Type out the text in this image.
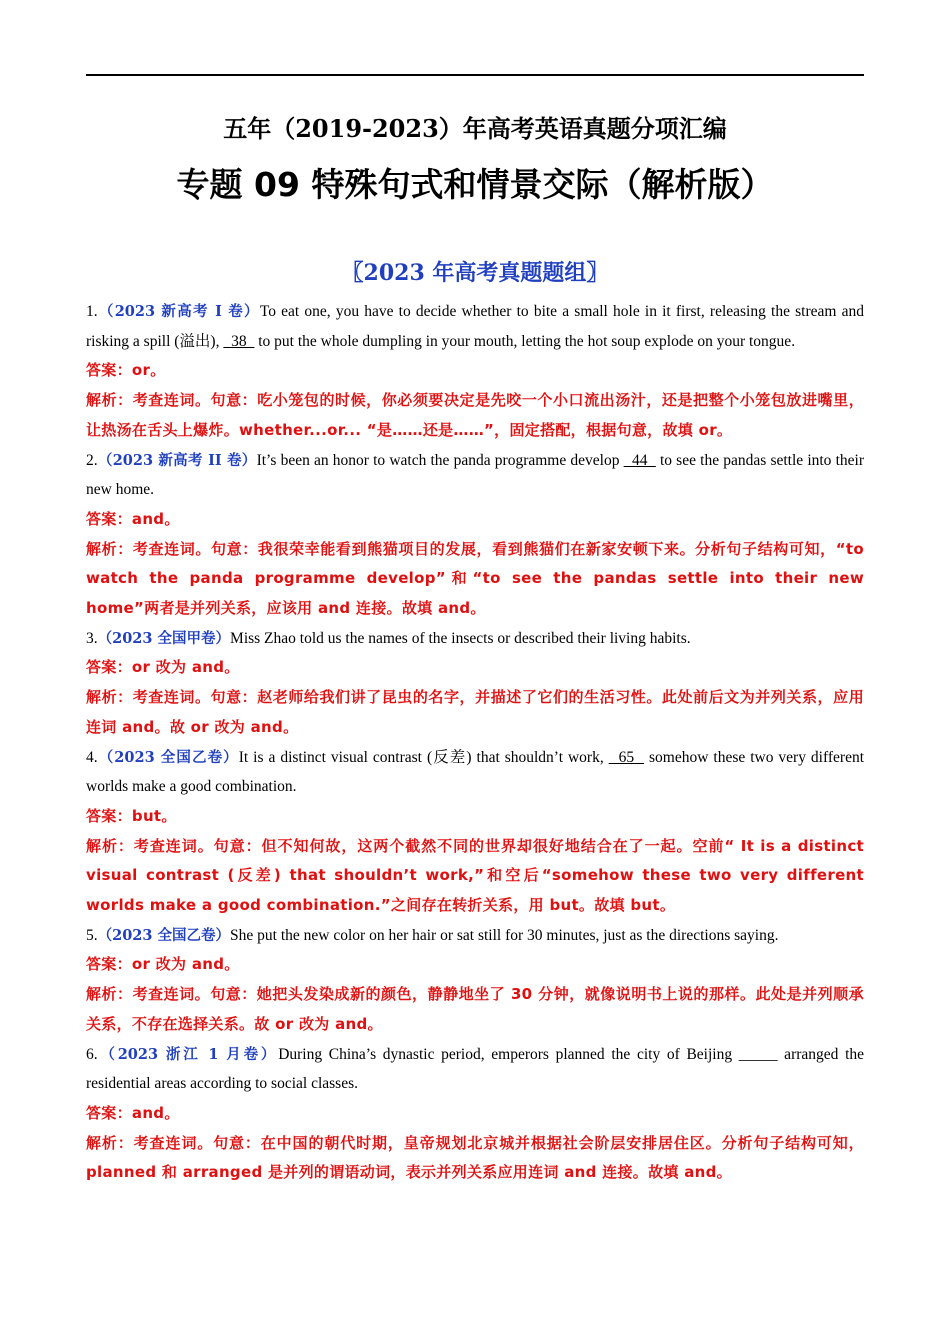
五年（2019-2023）年高考英语真题分项汇编
专题 09 特殊句式和情景交际（解析版）
〖2023 年高考真题题组〗

1.（2023 新高考 I 卷）To eat one, you have to decide whether to bite a small hole in it first, releasing the stream and risking a spill (溢出),   38   to put the whole dumpling in your mouth, letting the hot soup explode on your tongue.

答案：or。

解析：考查连词。句意：吃小笼包的时候，你必须要决定是先咬一个小口流出汤汁，还是把整个小笼包放进嘴里，让热汤在舌头上爆炸。whether...or... “是……还是……”，固定搭配，根据句意，故填 or。

2.（2023 新高考 II 卷）It’s been an honor to watch the panda programme develop   44   to see the pandas settle into their new home.

答案：and。

解析：考查连词。句意：我很荣幸能看到熊猫项目的发展，看到熊猫们在新家安顿下来。分析句子结构可知，“to watch the panda programme develop”和“to see the pandas settle into their new home”两者是并列关系，应该用 and 连接。故填 and。

3.（2023 全国甲卷）Miss Zhao told us the names of the insects or described their living habits.

答案：or 改为 and。

解析：考查连词。句意：赵老师给我们讲了昆虫的名字，并描述了它们的生活习性。此处前后文为并列关系，应用连词 and。故 or 改为 and。

4.（2023 全国乙卷）It is a distinct visual contrast (反差) that shouldn’t work,   65   somehow these two very different worlds make a good combination.

答案：but。

解析：考查连词。句意：但不知何故，这两个截然不同的世界却很好地结合在了一起。空前“ It is a distinct visual contrast (反差) that shouldn’t work,”和空后“somehow these two very different worlds make a good combination.”之间存在转折关系，用 but。故填 but。

5.（2023 全国乙卷）She put the new color on her hair or sat still for 30 minutes, just as the directions saying.

答案：or 改为 and。

解析：考查连词。句意：她把头发染成新的颜色，静静地坐了 30 分钟，就像说明书上说的那样。此处是并列顺承关系，不存在选择关系。故 or 改为 and。

6.（2023 浙江 1 月卷）During China’s dynastic period, emperors planned the city of Beijing _____ arranged the residential areas according to social classes.

答案：and。

解析：考查连词。句意：在中国的朝代时期，皇帝规划北京城并根据社会阶层安排居住区。分析句子结构可知，planned 和 arranged 是并列的谓语动词，表示并列关系应用连词 and 连接。故填 and。
